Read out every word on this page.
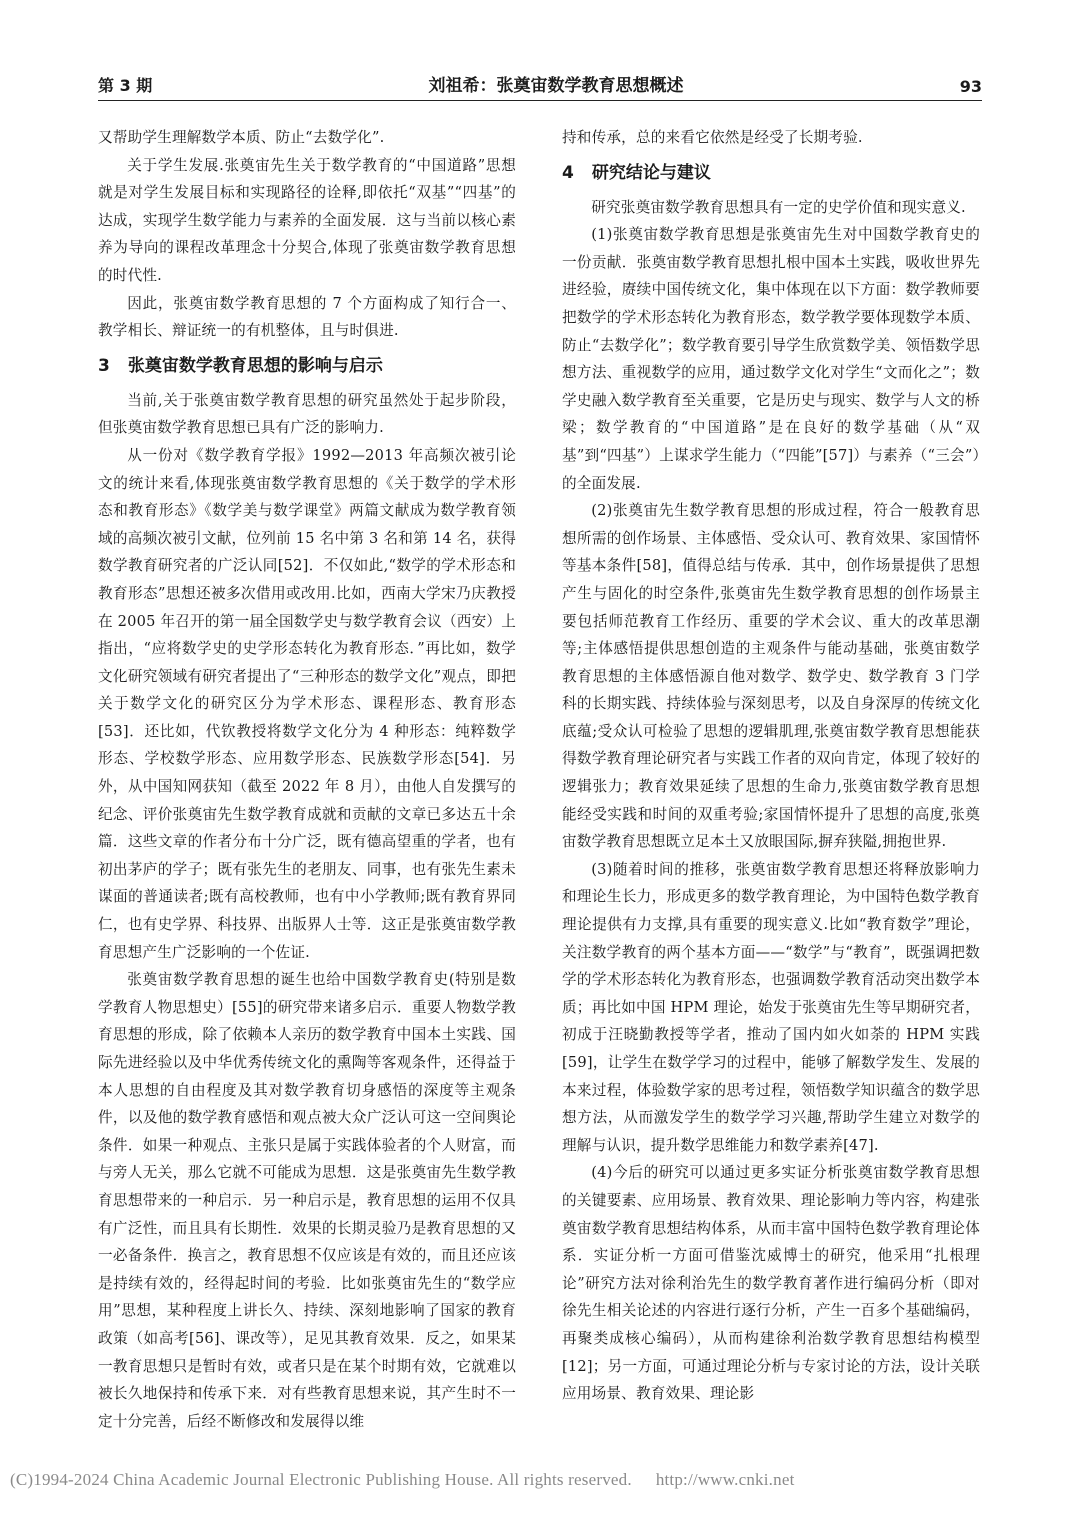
第 3 期	刘祖希：张奠宙数学教育思想概述	93

又帮助学生理解数学本质、防止“去数学化”.

关于学生发展.张奠宙先生关于数学教育的“中国道路”思想就是对学生发展目标和实现路径的诠释,即依托“双基”“四基”的达成，实现学生数学能力与素养的全面发展．这与当前以核心素养为导向的课程改革理念十分契合,体现了张奠宙数学教育思想的时代性.

因此，张奠宙数学教育思想的 7 个方面构成了知行合一、教学相长、辩证统一的有机整体，且与时俱进.

3 张奠宙数学教育思想的影响与启示

当前,关于张奠宙数学教育思想的研究虽然处于起步阶段，但张奠宙数学教育思想已具有广泛的影响力.

从一份对《数学教育学报》1992—2013 年高频次被引论文的统计来看,体现张奠宙数学教育思想的《关于数学的学术形态和教育形态》《数学美与数学课堂》两篇文献成为数学教育领域的高频次被引文献，位列前 15 名中第 3 名和第 14 名，获得数学教育研究者的广泛认同[52]．不仅如此,“数学的学术形态和教育形态”思想还被多次借用或改用.比如，西南大学宋乃庆教授在 2005 年召开的第一届全国数学史与数学教育会议（西安）上指出，“应将数学史的史学形态转化为教育形态．”再比如，数学文化研究领域有研究者提出了“三种形态的数学文化”观点，即把关于数学文化的研究区分为学术形态、课程形态、教育形态[53]．还比如，代钦教授将数学文化分为 4 种形态：纯粹数学形态、学校数学形态、应用数学形态、民族数学形态[54]．另外，从中国知网获知（截至 2022 年 8 月），由他人自发撰写的纪念、评价张奠宙先生数学教育成就和贡献的文章已多达五十余篇．这些文章的作者分布十分广泛，既有德高望重的学者，也有初出茅庐的学子；既有张先生的老朋友、同事，也有张先生素未谋面的普通读者;既有高校教师，也有中小学教师;既有教育界同仁，也有史学界、科技界、出版界人士等．这正是张奠宙数学教育思想产生广泛影响的一个佐证.

张奠宙数学教育思想的诞生也给中国数学教育史(特别是数学教育人物思想史）[55]的研究带来诸多启示．重要人物数学教育思想的形成，除了依赖本人亲历的数学教育中国本土实践、国际先进经验以及中华优秀传统文化的熏陶等客观条件，还得益于本人思想的自由程度及其对数学教育切身感悟的深度等主观条件，以及他的数学教育感悟和观点被大众广泛认可这一空间舆论条件．如果一种观点、主张只是属于实践体验者的个人财富，而与旁人无关，那么它就不可能成为思想．这是张奠宙先生数学教育思想带来的一种启示．另一种启示是，教育思想的运用不仅具有广泛性，而且具有长期性．效果的长期灵验乃是教育思想的又一必备条件．换言之，教育思想不仅应该是有效的，而且还应该是持续有效的，经得起时间的考验．比如张奠宙先生的“数学应用”思想，某种程度上讲长久、持续、深刻地影响了国家的教育政策（如高考[56]、课改等），足见其教育效果．反之，如果某一教育思想只是暂时有效，或者只是在某个时期有效，它就难以被长久地保持和传承下来．对有些教育思想来说，其产生时不一定十分完善，后经不断修改和发展得以维

持和传承，总的来看它依然是经受了长期考验.

4 研究结论与建议

研究张奠宙数学教育思想具有一定的史学价值和现实意义.

(1)张奠宙数学教育思想是张奠宙先生对中国数学教育史的一份贡献．张奠宙数学教育思想扎根中国本土实践，吸收世界先进经验，赓续中国传统文化，集中体现在以下方面：数学教师要把数学的学术形态转化为教育形态，数学教学要体现数学本质、防止“去数学化”；数学教育要引导学生欣赏数学美、领悟数学思想方法、重视数学的应用，通过数学文化对学生“文而化之”；数学史融入数学教育至关重要，它是历史与现实、数学与人文的桥梁；数学教育的“中国道路”是在良好的数学基础（从“双基”到“四基”）上谋求学生能力（“四能”[57]）与素养（“三会”）的全面发展.

(2)张奠宙先生数学教育思想的形成过程，符合一般教育思想所需的创作场景、主体感悟、受众认可、教育效果、家国情怀等基本条件[58]，值得总结与传承．其中，创作场景提供了思想产生与固化的时空条件,张奠宙先生数学教育思想的创作场景主要包括师范教育工作经历、重要的学术会议、重大的改革思潮等;主体感悟提供思想创造的主观条件与能动基础，张奠宙数学教育思想的主体感悟源自他对数学、数学史、数学教育 3 门学科的长期实践、持续体验与深刻思考，以及自身深厚的传统文化底蕴;受众认可检验了思想的逻辑肌理,张奠宙数学教育思想能获得数学教育理论研究者与实践工作者的双向肯定，体现了较好的逻辑张力；教育效果延续了思想的生命力,张奠宙数学教育思想能经受实践和时间的双重考验;家国情怀提升了思想的高度,张奠宙数学教育思想既立足本土又放眼国际,摒弃狭隘,拥抱世界.

(3)随着时间的推移，张奠宙数学教育思想还将释放影响力和理论生长力，形成更多的数学教育理论，为中国特色数学教育理论提供有力支撑,具有重要的现实意义.比如“教育数学”理论，关注数学教育的两个基本方面——“数学”与“教育”，既强调把数学的学术形态转化为教育形态，也强调数学教育活动突出数学本质；再比如中国 HPM 理论，始发于张奠宙先生等早期研究者，初成于汪晓勤教授等学者，推动了国内如火如荼的 HPM 实践[59]，让学生在数学学习的过程中，能够了解数学发生、发展的本来过程，体验数学家的思考过程，领悟数学知识蕴含的数学思想方法，从而激发学生的数学学习兴趣,帮助学生建立对数学的理解与认识，提升数学思维能力和数学素养[47].

(4)今后的研究可以通过更多实证分析张奠宙数学教育思想的关键要素、应用场景、教育效果、理论影响力等内容，构建张奠宙数学教育思想结构体系，从而丰富中国特色数学教育理论体系．实证分析一方面可借鉴沈威博士的研究，他采用“扎根理论”研究方法对徐利治先生的数学教育著作进行编码分析（即对徐先生相关论述的内容进行逐行分析，产生一百多个基础编码，再聚类成核心编码），从而构建徐利治数学教育思想结构模型[12]；另一方面，可通过理论分析与专家讨论的方法，设计关联应用场景、教育效果、理论影

(C)1994-2024 China Academic Journal Electronic Publishing House. All rights reserved. http://www.cnki.net
